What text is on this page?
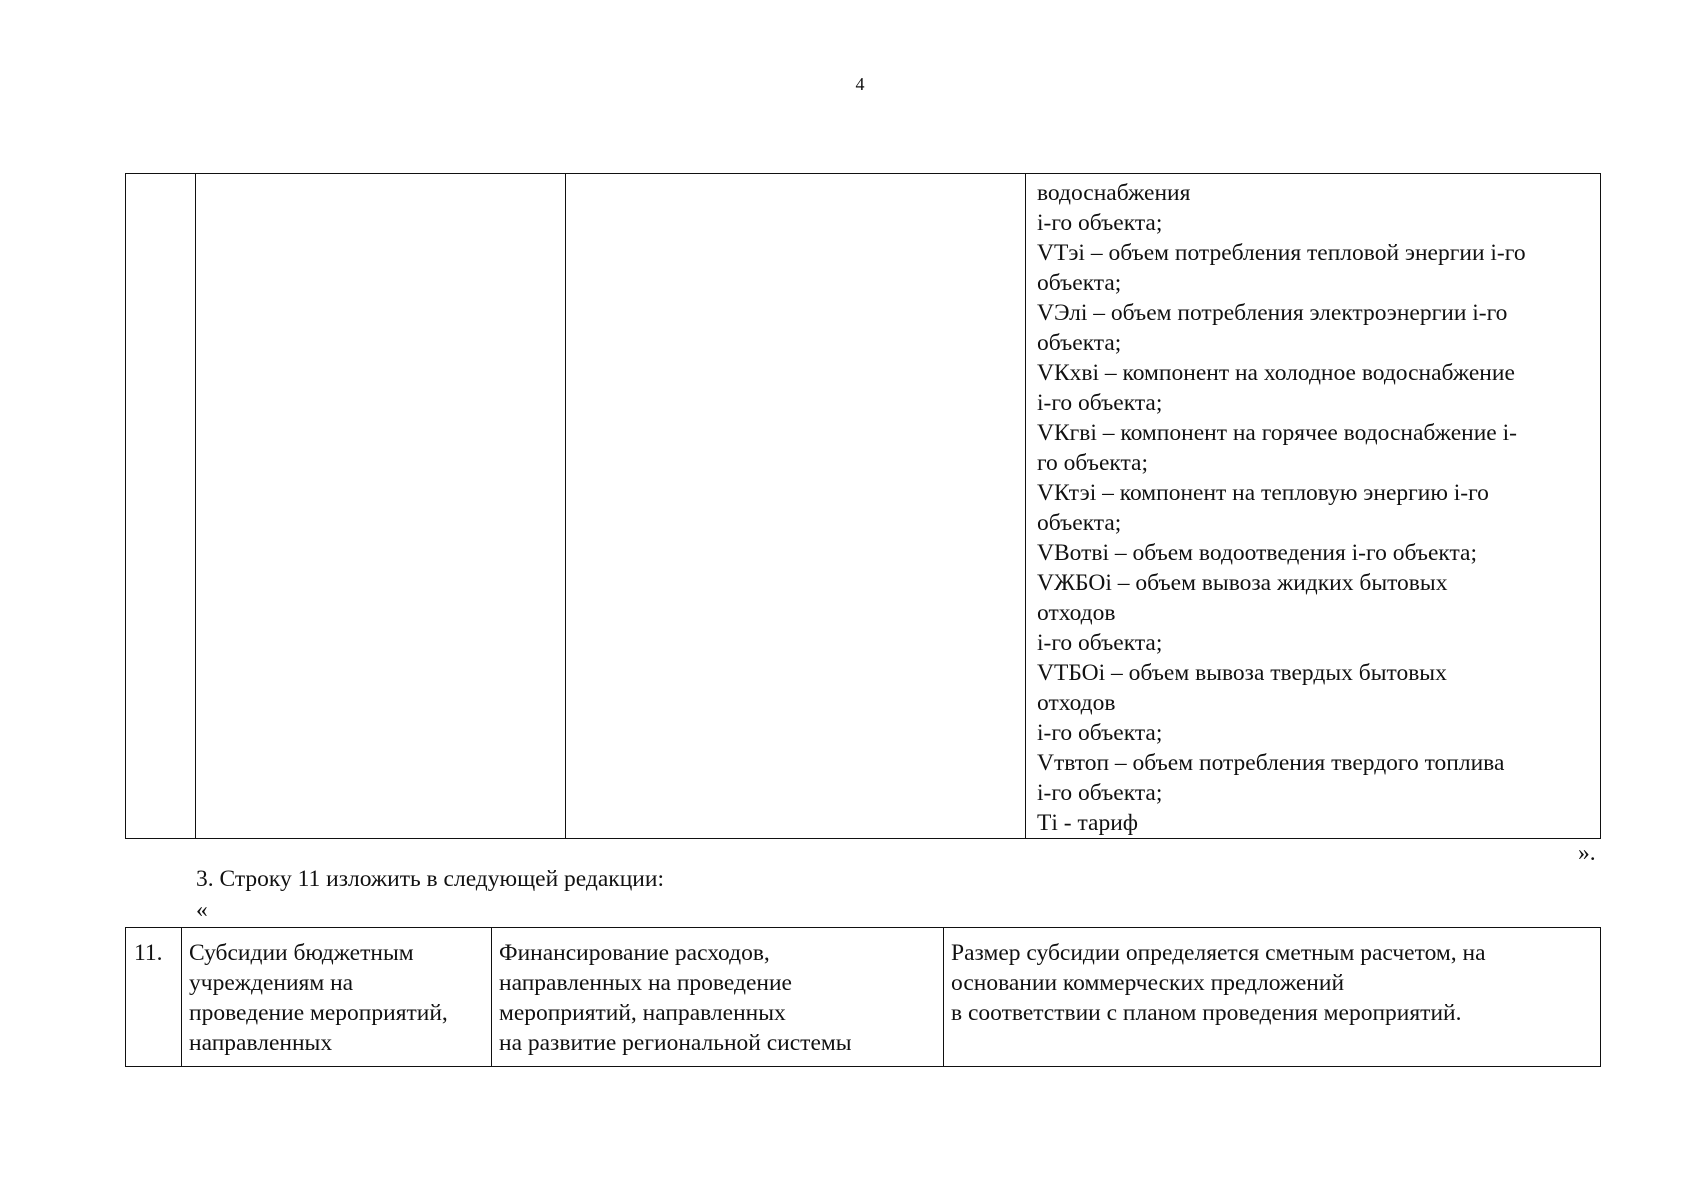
4

водоснабжения
i-го объекта;
VТэi – объем потребления тепловой энергии i-го
объекта;
VЭлi – объем потребления электроэнергии i-го
объекта;
VКхвi – компонент на холодное водоснабжение
i-го объекта;
VКгвi – компонент на горячее водоснабжение i-
го объекта;
VКтэi – компонент на тепловую энергию i-го
объекта;
VВотвi – объем водоотведения i-го объекта;
VЖБОi – объем вывоза жидких бытовых
отходов
i-го объекта;
VТБОi – объем вывоза твердых бытовых
отходов
i-го объекта;
Vтвтоп – объем потребления твердого топлива
i-го объекта;
Тi - тариф
».
3. Строку 11 изложить в следующей редакции:
«
11.	Субсидии бюджетным
учреждениям на
проведение мероприятий,
направленных

Финансирование расходов,
направленных на проведение
мероприятий, направленных
на развитие региональной системы

Размер субсидии определяется сметным расчетом, на
основании коммерческих предложений
в соответствии с планом проведения мероприятий.
